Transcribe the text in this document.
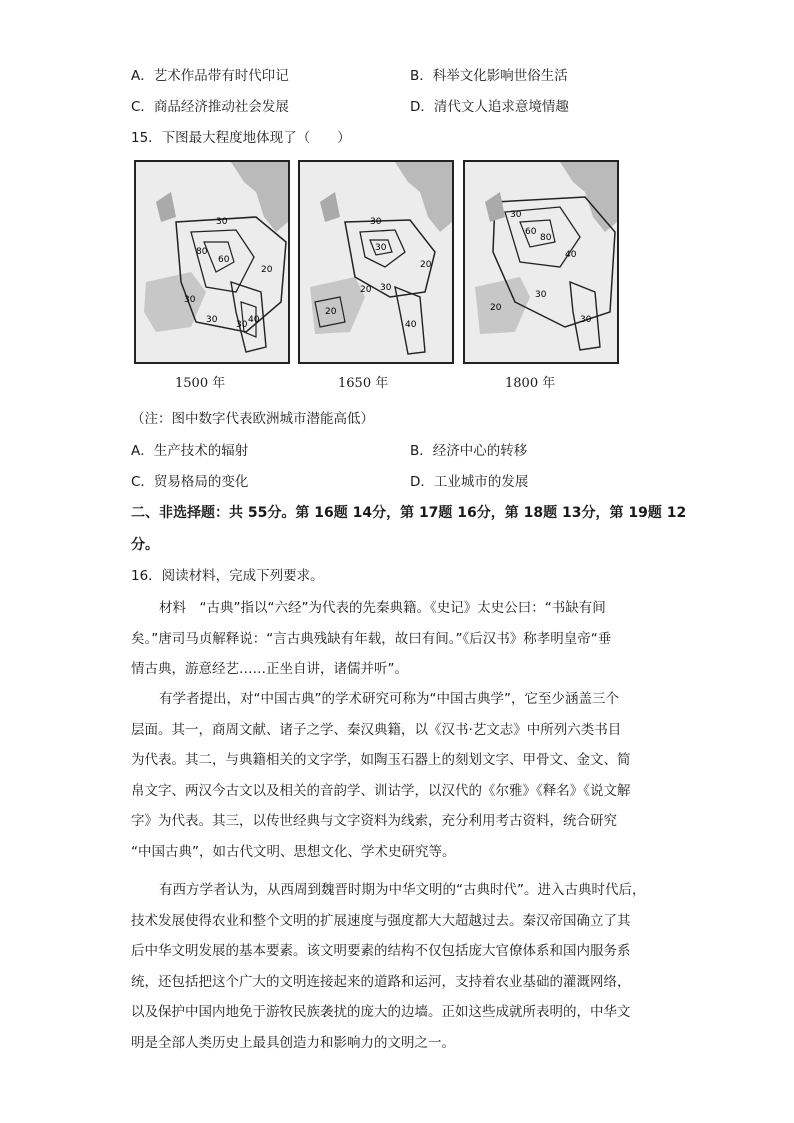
A．艺术作品带有时代印记	B．科举文化影响世俗生活
C．商品经济推动社会发展	D．清代文人追求意境情趣
15．下图最大程度地体现了（　　）
80
30
60
20
30
30 30 40
30
20
30
20
20 30
40
30
60
80
40
20
30
30
1500 年	1650 年	1800 年
（注：图中数字代表欧洲城市潜能高低）
A．生产技术的辐射	B．经济中心的转移
C．贸易格局的变化	D．工业城市的发展
二、非选择题：共 55分。第 16题 14分，第 17题 16分，第 18题 13分，第 19题 12
分。
16．阅读材料，完成下列要求。
材料　“古典”指以“六经”为代表的先秦典籍。《史记》太史公曰：“书缺有间
矣。”唐司马贞解释说：“言古典残缺有年载，故曰有间。”《后汉书》称孝明皇帝“垂
情古典，游意经艺……正坐自讲，诸儒并听”。
有学者提出，对“中国古典”的学术研究可称为“中国古典学”，它至少涵盖三个
层面。其一，商周文献、诸子之学、秦汉典籍，以《汉书·艺文志》中所列六类书目
为代表。其二，与典籍相关的文字学，如陶玉石器上的刻划文字、甲骨文、金文、简
帛文字、两汉今古文以及相关的音韵学、训诂学，以汉代的《尔雅》《释名》《说文解
字》为代表。其三，以传世经典与文字资料为线索，充分利用考古资料，统合研究
“中国古典”，如古代文明、思想文化、学术史研究等。
有西方学者认为，从西周到魏晋时期为中华文明的“古典时代”。进入古典时代后，
技术发展使得农业和整个文明的扩展速度与强度都大大超越过去。秦汉帝国确立了其
后中华文明发展的基本要素。该文明要素的结构不仅包括庞大官僚体系和国内服务系
统，还包括把这个广大的文明连接起来的道路和运河，支持着农业基础的灌溉网络，
以及保护中国内地免于游牧民族袭扰的庞大的边墙。正如这些成就所表明的，中华文
明是全部人类历史上最具创造力和影响力的文明之一。
